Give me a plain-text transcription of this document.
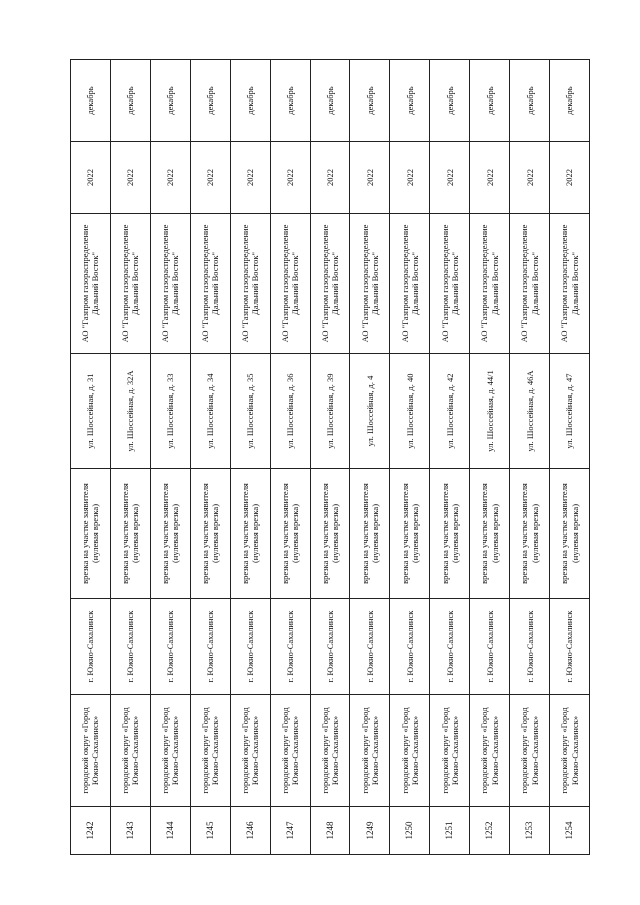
1242	городской округ «Город Южно-Сахалинск»	г. Южно-Сахалинск	врезка на участке заявителя (нулевая врезка)	ул. Шоссейная, д. 31	АО "Газпром газораспределение Дальний Восток"	2022	декабрь
1243	городской округ «Город Южно-Сахалинск»	г. Южно-Сахалинск	врезка на участке заявителя (нулевая врезка)	ул. Шоссейная, д. 32А	АО "Газпром газораспределение Дальний Восток"	2022	декабрь
1244	городской округ «Город Южно-Сахалинск»	г. Южно-Сахалинск	врезка на участке заявителя (нулевая врезка)	ул. Шоссейная, д. 33	АО "Газпром газораспределение Дальний Восток"	2022	декабрь
1245	городской округ «Город Южно-Сахалинск»	г. Южно-Сахалинск	врезка на участке заявителя (нулевая врезка)	ул. Шоссейная, д. 34	АО "Газпром газораспределение Дальний Восток"	2022	декабрь
1246	городской округ «Город Южно-Сахалинск»	г. Южно-Сахалинск	врезка на участке заявителя (нулевая врезка)	ул. Шоссейная, д. 35	АО "Газпром газораспределение Дальний Восток"	2022	декабрь
1247	городской округ «Город Южно-Сахалинск»	г. Южно-Сахалинск	врезка на участке заявителя (нулевая врезка)	ул. Шоссейная, д. 36	АО "Газпром газораспределение Дальний Восток"	2022	декабрь
1248	городской округ «Город Южно-Сахалинск»	г. Южно-Сахалинск	врезка на участке заявителя (нулевая врезка)	ул. Шоссейная, д. 39	АО "Газпром газораспределение Дальний Восток"	2022	декабрь
1249	городской округ «Город Южно-Сахалинск»	г. Южно-Сахалинск	врезка на участке заявителя (нулевая врезка)	ул. Шоссейная, д. 4	АО "Газпром газораспределение Дальний Восток"	2022	декабрь
1250	городской округ «Город Южно-Сахалинск»	г. Южно-Сахалинск	врезка на участке заявителя (нулевая врезка)	ул. Шоссейная, д. 40	АО "Газпром газораспределение Дальний Восток"	2022	декабрь
1251	городской округ «Город Южно-Сахалинск»	г. Южно-Сахалинск	врезка на участке заявителя (нулевая врезка)	ул. Шоссейная, д. 42	АО "Газпром газораспределение Дальний Восток"	2022	декабрь
1252	городской округ «Город Южно-Сахалинск»	г. Южно-Сахалинск	врезка на участке заявителя (нулевая врезка)	ул. Шоссейная, д. 44/1	АО "Газпром газораспределение Дальний Восток"	2022	декабрь
1253	городской округ «Город Южно-Сахалинск»	г. Южно-Сахалинск	врезка на участке заявителя (нулевая врезка)	ул. Шоссейная, д. 46А	АО "Газпром газораспределение Дальний Восток"	2022	декабрь
1254	городской округ «Город Южно-Сахалинск»	г. Южно-Сахалинск	врезка на участке заявителя (нулевая врезка)	ул. Шоссейная, д. 47	АО "Газпром газораспределение Дальний Восток"	2022	декабрь
